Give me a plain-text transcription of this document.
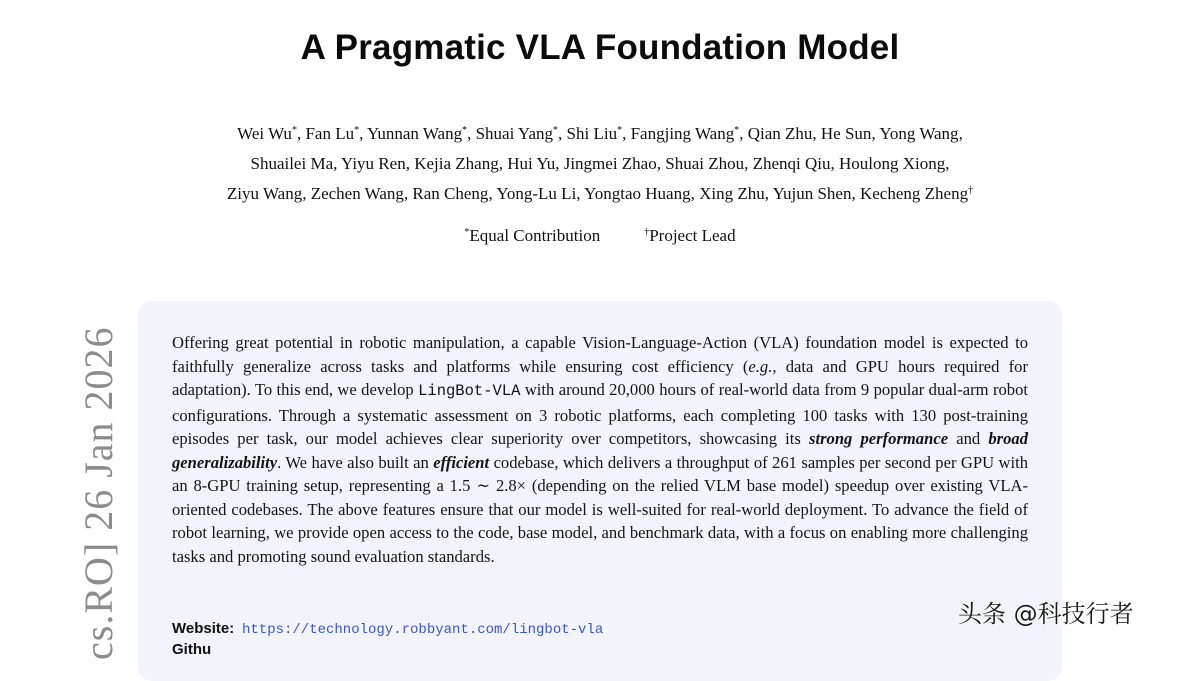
A Pragmatic VLA Foundation Model
Wei Wu*, Fan Lu*, Yunnan Wang*, Shuai Yang*, Shi Liu*, Fangjing Wang*, Qian Zhu, He Sun, Yong Wang,
Shuailei Ma, Yiyu Ren, Kejia Zhang, Hui Yu, Jingmei Zhao, Shuai Zhou, Zhenqi Qiu, Houlong Xiong,
Ziyu Wang, Zechen Wang, Ran Cheng, Yong-Lu Li, Yongtao Huang, Xing Zhu, Yujun Shen, Kecheng Zheng†
*Equal Contribution	†Project Lead
cs.RO] 26 Jan 2026	Offering great potential in robotic manipulation, a capable Vision-Language-Action (VLA) foundation model is expected to faithfully generalize across tasks and platforms while ensuring cost efficiency (e.g., data and GPU hours required for adaptation). To this end, we develop LingBot-VLA with around 20,000 hours of real-world data from 9 popular dual-arm robot configurations. Through a systematic assessment on 3 robotic platforms, each completing 100 tasks with 130 post-training episodes per task, our model achieves clear superiority over competitors, showcasing its strong performance and broad generalizability. We have also built an efficient codebase, which delivers a throughput of 261 samples per second per GPU with an 8-GPU training setup, representing a 1.5 ∼ 2.8× (depending on the relied VLM base model) speedup over existing VLA-oriented codebases. The above features ensure that our model is well-suited for real-world deployment. To advance the field of robot learning, we provide open access to the code, base model, and benchmark data, with a focus on enabling more challenging tasks and promoting sound evaluation standards.
Website: https://technology.robbyant.com/lingbot-vla
Githu
头条 @科技行者
